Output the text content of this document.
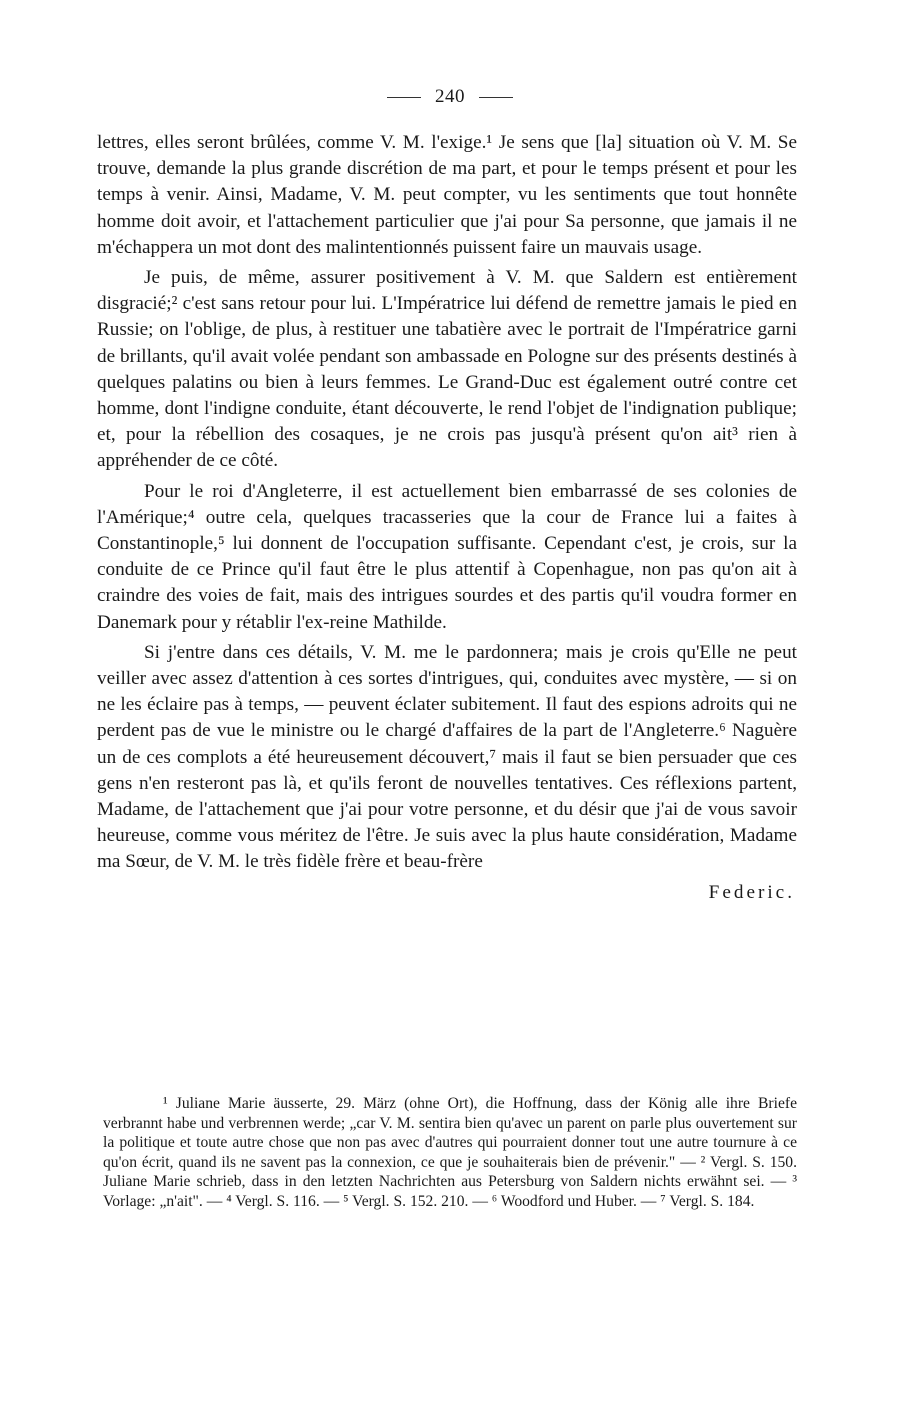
240

lettres, elles seront brûlées, comme V. M. l'exige.¹ Je sens que [la] situation où V. M. Se trouve, demande la plus grande discrétion de ma part, et pour le temps présent et pour les temps à venir. Ainsi, Madame, V. M. peut compter, vu les sentiments que tout honnête homme doit avoir, et l'attachement particulier que j'ai pour Sa personne, que jamais il ne m'échappera un mot dont des malintentionnés puissent faire un mauvais usage.

Je puis, de même, assurer positivement à V. M. que Saldern est entièrement disgracié;² c'est sans retour pour lui. L'Impératrice lui défend de remettre jamais le pied en Russie; on l'oblige, de plus, à restituer une tabatière avec le portrait de l'Impératrice garni de brillants, qu'il avait volée pendant son ambassade en Pologne sur des présents destinés à quelques palatins ou bien à leurs femmes. Le Grand-Duc est également outré contre cet homme, dont l'indigne conduite, étant découverte, le rend l'objet de l'indignation publique; et, pour la rébellion des cosaques, je ne crois pas jusqu'à présent qu'on ait³ rien à appréhender de ce côté.

Pour le roi d'Angleterre, il est actuellement bien embarrassé de ses colonies de l'Amérique;⁴ outre cela, quelques tracasseries que la cour de France lui a faites à Constantinople,⁵ lui donnent de l'occupation suffisante. Cependant c'est, je crois, sur la conduite de ce Prince qu'il faut être le plus attentif à Copenhague, non pas qu'on ait à craindre des voies de fait, mais des intrigues sourdes et des partis qu'il voudra former en Danemark pour y rétablir l'ex-reine Mathilde.

Si j'entre dans ces détails, V. M. me le pardonnera; mais je crois qu'Elle ne peut veiller avec assez d'attention à ces sortes d'intrigues, qui, conduites avec mystère, — si on ne les éclaire pas à temps, — peuvent éclater subitement. Il faut des espions adroits qui ne perdent pas de vue le ministre ou le chargé d'affaires de la part de l'Angleterre.⁶ Naguère un de ces complots a été heureusement découvert,⁷ mais il faut se bien persuader que ces gens n'en resteront pas là, et qu'ils feront de nouvelles tentatives. Ces réflexions partent, Madame, de l'attachement que j'ai pour votre personne, et du désir que j'ai de vous savoir heureuse, comme vous méritez de l'être. Je suis avec la plus haute considération, Madame ma Sœur, de V. M. le très fidèle frère et beau-frère

Federic.

¹ Juliane Marie äusserte, 29. März (ohne Ort), die Hoffnung, dass der König alle ihre Briefe verbrannt habe und verbrennen werde; „car V. M. sentira bien qu'avec un parent on parle plus ouvertement sur la politique et toute autre chose que non pas avec d'autres qui pourraient donner tout une autre tournure à ce qu'on écrit, quand ils ne savent pas la connexion, ce que je souhaiterais bien de prévenir." — ² Vergl. S. 150. Juliane Marie schrieb, dass in den letzten Nachrichten aus Petersburg von Saldern nichts erwähnt sei. — ³ Vorlage: „n'ait". — ⁴ Vergl. S. 116. — ⁵ Vergl. S. 152. 210. — ⁶ Woodford und Huber. — ⁷ Vergl. S. 184.
